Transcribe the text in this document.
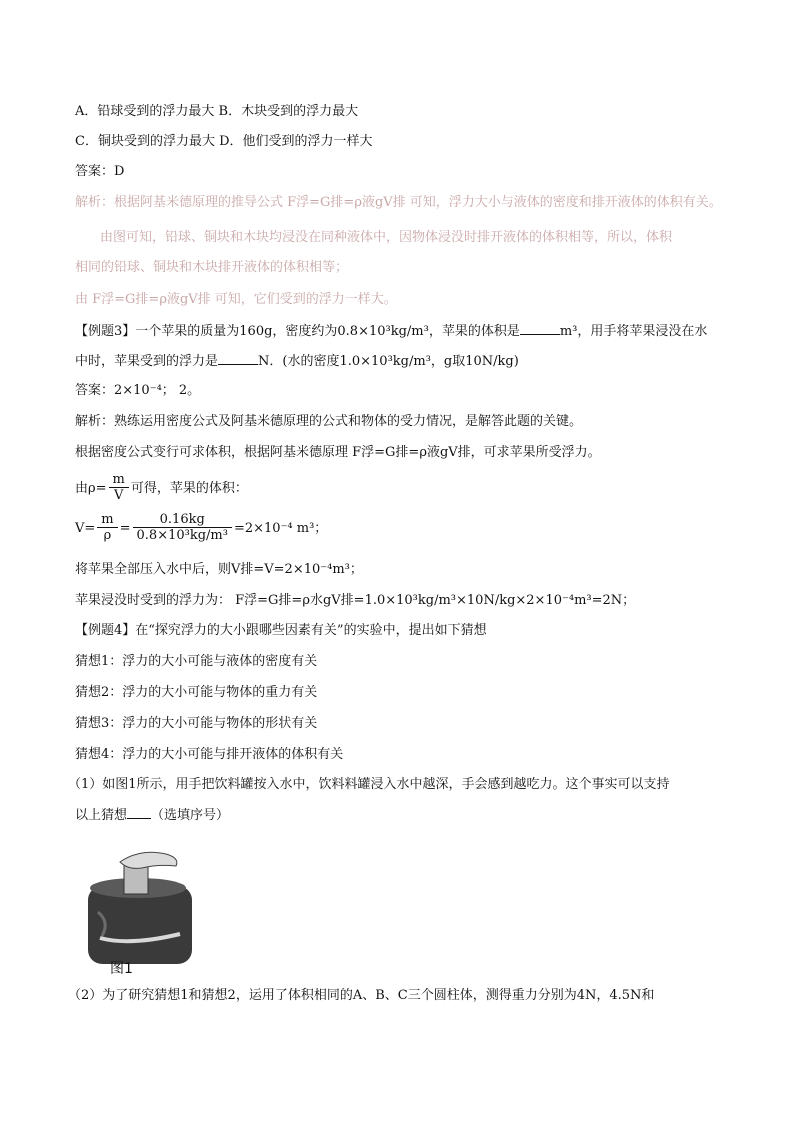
A．铅球受到的浮力最大 B．木块受到的浮力最大
C．铜块受到的浮力最大 D．他们受到的浮力一样大
答案：D
解析：根据阿基米德原理的推导公式 F浮=G排=ρ液gV排 可知，浮力大小与液体的密度和排开液体的体积有关。
由图可知，铅球、铜块和木块均浸没在同种液体中，因物体浸没时排开液体的体积相等，所以，体积
相同的铅球、铜块和木块排开液体的体积相等；
由 F浮=G排=ρ液gV排 可知，它们受到的浮力一样大。
【例题3】一个苹果的质量为160g，密度约为0.8×10³kg/m³，苹果的体积是	m³，用手将苹果浸没在水
中时，苹果受到的浮力是	N．(水的密度1.0×10³kg/m³，g取10N/kg)
答案：2×10⁻⁴； 2。
解析：熟练运用密度公式及阿基米德原理的公式和物体的受力情况，是解答此题的关键。
根据密度公式变行可求体积，根据阿基米德原理 F浮=G排=ρ液gV排，可求苹果所受浮力。
由$\rho= \frac{m}{V}$ 可得，苹果的体积：
$V= \frac{m}{\rho} = \frac{0.16kg}{\text{0.8×10³kg/m³}} =2\times 10^{-4}$ m³；
将苹果全部压入水中后，则V排=V=2×10⁻⁴m³；
苹果浸没时受到的浮力为： F浮=G排=ρ水gV排=1.0×10³kg/m³×10N/kg×2×10⁻⁴m³=2N；
【例题4】在“探究浮力的大小跟哪些因素有关”的实验中，提出如下猜想
猜想1：浮力的大小可能与液体的密度有关
猜想2：浮力的大小可能与物体的重力有关
猜想3：浮力的大小可能与物体的形状有关
猜想4：浮力的大小可能与排开液体的体积有关
（1）如图1所示，用手把饮料罐按入水中，饮料料罐浸入水中越深，手会感到越吃力。这个事实可以支持
以上猜想 （选填序号）
图1
（2）为了研究猜想1和猜想2，运用了体积相同的A、B、C三个圆柱体，测得重力分别为4N，4.5N和
